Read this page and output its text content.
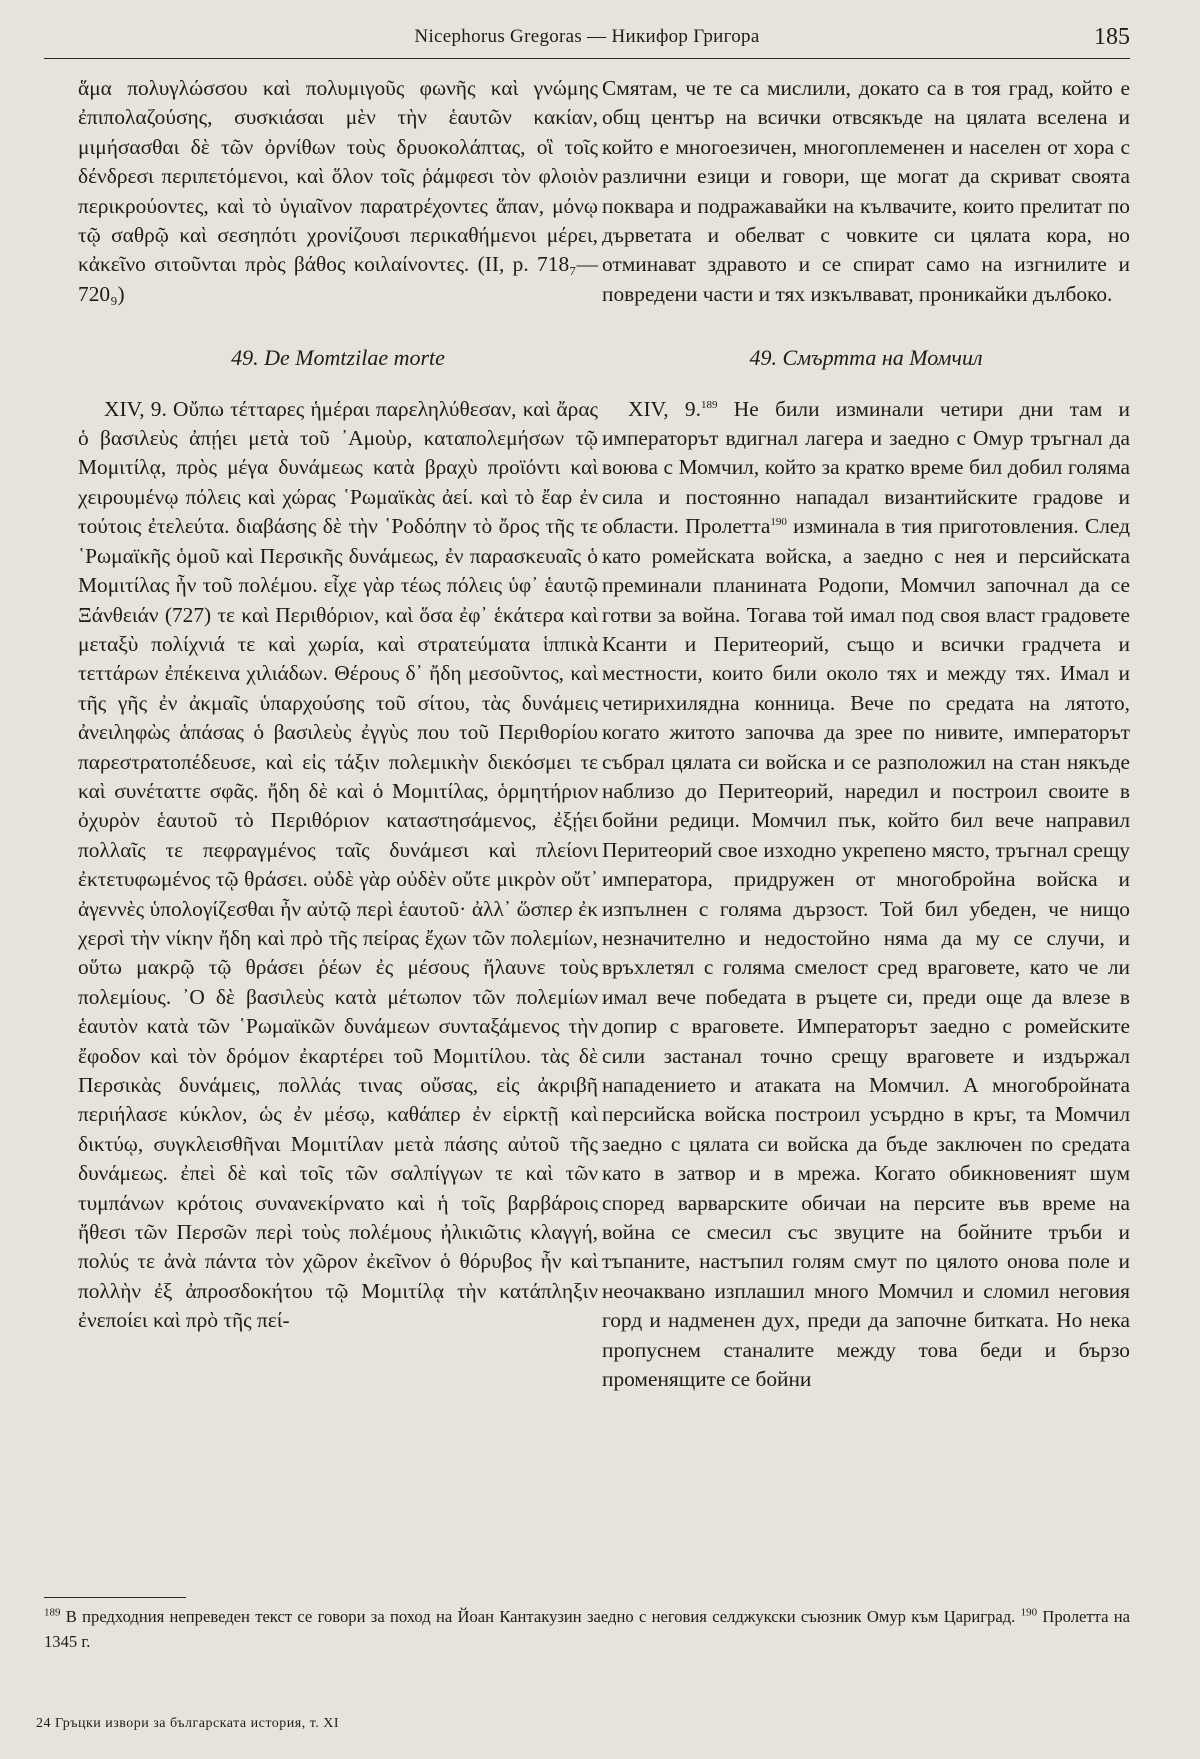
Nicephorus Gregoras — Никифор Григора	185

ἅμα πολυγλώσσου καὶ πολυμιγοῦς φωνῆς καὶ γνώμης ἐπιπολαζούσης, συσκιάσαι μὲν τὴν ἑαυτῶν κακίαν, μιμήσασθαι δὲ τῶν ὀρνίθων τοὺς δρυοκολάπτας, οἳ τοῖς δένδρεσι περιπετόμενοι, καὶ ὅλον τοῖς ῥάμφεσι τὸν φλοιὸν περικρούοντες, καὶ τὸ ὑγιαῖνον παρατρέχοντες ἅπαν, μόνῳ τῷ σαθρῷ καὶ σεσηπότι χρονίζουσι περικαθήμενοι μέρει, κἀκεῖνο σιτοῦνται πρὸς βάθος κοιλαίνοντες. (II, p. 718₇—720₉)

49. De Momtzilae morte

XIV, 9. Οὔπω τέτταρες ἡμέραι παρεληλύθεσαν, καὶ ἄρας ὁ βασιλεὺς ἀπῄει μετὰ τοῦ ᾿Αμοὺρ, καταπολεμήσων τῷ Μομιτίλᾳ, πρὸς μέγα δυνάμεως κατὰ βραχὺ προϊόντι καὶ χειρουμένῳ πόλεις καὶ χώρας ῾Ρωμαϊκὰς ἀεί. καὶ τὸ ἔαρ ἐν τούτοις ἐτελεύτα. διαβάσης δὲ τὴν ῾Ροδόπην τὸ ὄρος τῆς τε ῾Ρωμαϊκῆς ὁμοῦ καὶ Περσικῆς δυνάμεως, ἐν παρασκευαῖς ὁ Μομιτίλας ἦν τοῦ πολέμου. εἶχε γὰρ τέως πόλεις ὑφ᾿ ἑαυτῷ Ξάνθειάν (727) τε καὶ Περιθόριον, καὶ ὅσα ἐφ᾿ ἑκάτερα καὶ μεταξὺ πολίχνιά τε καὶ χωρία, καὶ στρατεύματα ἱππικὰ τεττάρων ἐπέκεινα χιλιάδων. Θέρους δ᾿ ἤδη μεσοῦντος, καὶ τῆς γῆς ἐν ἀκμαῖς ὑπαρχούσης τοῦ σίτου, τὰς δυνάμεις ἀνειληφὼς ἁπάσας ὁ βασιλεὺς ἐγγὺς που τοῦ Περιθορίου παρεστρατοπέδευσε, καὶ εἰς τάξιν πολεμικὴν διεκόσμει τε καὶ συνέταττε σφᾶς. ἤδη δὲ καὶ ὁ Μομιτίλας, ὁρμητήριον ὀχυρὸν ἑαυτοῦ τὸ Περιθόριον καταστησάμενος, ἐξῄει πολλαῖς τε πεφραγμένος ταῖς δυνάμεσι καὶ πλείονι ἐκτετυφωμένος τῷ θράσει. οὐδὲ γὰρ οὐδὲν οὔτε μικρὸν οὔτ᾿ ἀγεννὲς ὑπολογίζεσθαι ἦν αὐτῷ περὶ ἑαυτοῦ· ἀλλ᾿ ὥσπερ ἐκ χερσὶ τὴν νίκην ἤδη καὶ πρὸ τῆς πείρας ἔχων τῶν πολεμίων, οὕτω μακρῷ τῷ θράσει ῥέων ἐς μέσους ἤλαυνε τοὺς πολεμίους. ᾿Ο δὲ βασιλεὺς κατὰ μέτωπον τῶν πολεμίων ἑαυτὸν κατὰ τῶν ῾Ρωμαϊκῶν δυνάμεων συνταξάμενος τὴν ἔφοδον καὶ τὸν δρόμον ἐκαρτέρει τοῦ Μομιτίλου. τὰς δὲ Περσικὰς δυνάμεις, πολλάς τινας οὔσας, εἰς ἀκριβῆ περιήλασε κύκλον, ὡς ἐν μέσῳ, καθάπερ ἐν εἱρκτῇ καὶ δικτύῳ, συγκλεισθῆναι Μομιτίλαν μετὰ πάσης αὐτοῦ τῆς δυνάμεως. ἐπεὶ δὲ καὶ τοῖς τῶν σαλπίγγων τε καὶ τῶν τυμπάνων κρότοις συνανεκίρνατο καὶ ἡ τοῖς βαρβάροις ἤθεσι τῶν Περσῶν περὶ τοὺς πολέμους ἠλικιῶτις κλαγγή, πολύς τε ἀνὰ πάντα τὸν χῶρον ἐκεῖνον ὁ θόρυβος ἦν καὶ πολλὴν ἐξ ἀπροσδοκήτου τῷ Μομιτίλᾳ τὴν κατάπληξιν ἐνεποίει καὶ πρὸ τῆς πεί-

Смятам, че те са мислили, докато са в тоя град, който е общ център на всички отвсякъде на цялата вселена и който е многоезичен, многоплеменен и населен от хора с различни езици и говори, ще могат да скриват своята поквара и подражавайки на кълвачите, които прелитат по дърветата и обелват с човките си цялата кора, но отминават здравото и се спират само на изгнилите и повредени части и тях изкълвават, проникайки дълбоко.

49. Смъртта на Момчил

XIV, 9.$^{189}$ Не били изминали четири дни там и императорът вдигнал лагера и заедно с Омур тръгнал да воюва с Момчил, който за кратко време бил добил голяма сила и постоянно нападал византийските градове и области. Пролетта$^{190}$ изминала в тия приготовления. След като ромейската войска, а заедно с нея и персийската преминали планината Родопи, Момчил започнал да се готви за война. Тогава той имал под своя власт градовете Ксанти и Перитеорий, също и всички градчета и местности, които били около тях и между тях. Имал и четирихилядна конница. Вече по средата на лятото, когато житото започва да зрее по нивите, императорът събрал цялата си войска и се разположил на стан някъде наблизо до Перитеорий, наредил и построил своите в бойни редици. Момчил пък, който бил вече направил Перитеорий свое изходно укрепено място, тръгнал срещу императора, придружен от многобройна войска и изпълнен с голяма дързост. Той бил убеден, че нищо незначително и недостойно няма да му се случи, и връхлетял с голяма смелост сред враговете, като че ли имал вече победата в ръцете си, преди още да влезе в допир с враговете. Императорът заедно с ромейските сили застанал точно срещу враговете и издържал нападението и атаката на Момчил. А многобройната персийска войска построил усърдно в кръг, та Момчил заедно с цялата си войска да бъде заключен по средата като в затвор и в мрежа. Когато обикновеният шум според варварските обичаи на персите във време на война се смесил със звуците на бойните тръби и тъпаните, настъпил голям смут по цялото онова поле и неочаквано изплашил много Момчил и сломил неговия горд и надменен дух, преди да започне битката. Но нека пропуснем станалите между това беди и бързо променящите се бойни

$^{189}$ В предходния непреведен текст се говори за поход на Йоан Кантакузин заедно с неговия селджукски съюзник Омур към Цариград. $^{190}$ Пролетта на 1345 г.
24 Гръцки извори за българската история, т. XI
